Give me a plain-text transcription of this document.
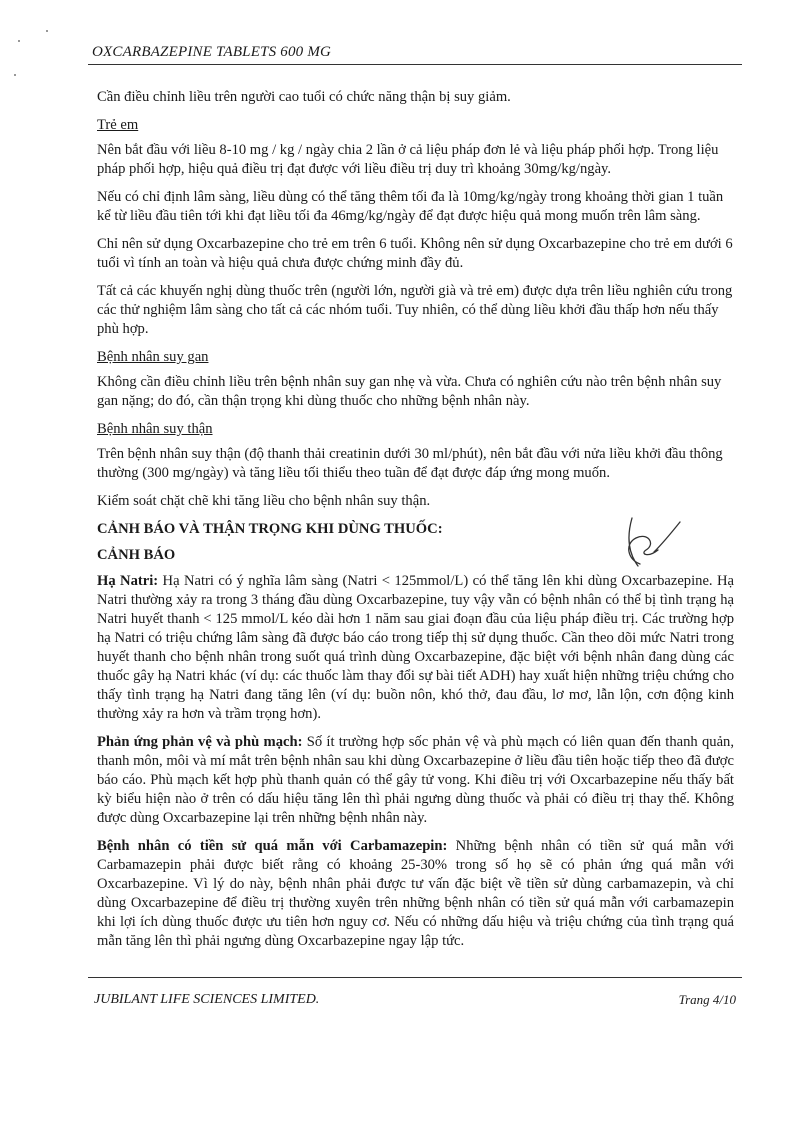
OXCARBAZEPINE TABLETS 600 MG

Cần điều chỉnh liều trên người cao tuổi có chức năng thận bị suy giảm.

Trẻ em

Nên bắt đầu với liều 8-10 mg / kg / ngày chia 2 lần ở cả liệu pháp đơn lẻ và liệu pháp phối hợp. Trong liệu pháp phối hợp, hiệu quả điều trị đạt được với liều điều trị duy trì khoảng 30mg/kg/ngày.

Nếu có chỉ định lâm sàng, liều dùng có thể tăng thêm tối đa là 10mg/kg/ngày trong khoảng thời gian 1 tuần kể từ liều đầu tiên tới khi đạt liều tối đa 46mg/kg/ngày để đạt được hiệu quả mong muốn trên lâm sàng.

Chỉ nên sử dụng Oxcarbazepine cho trẻ em trên 6 tuổi. Không nên sử dụng Oxcarbazepine cho trẻ em dưới 6 tuổi vì tính an toàn và hiệu quả chưa được chứng minh đầy đủ.

Tất cả các khuyến nghị dùng thuốc trên (người lớn, người già và trẻ em) được dựa trên liều nghiên cứu trong các thử nghiệm lâm sàng cho tất cả các nhóm tuổi. Tuy nhiên, có thể dùng liều khởi đầu thấp hơn nếu thấy phù hợp.

Bệnh nhân suy gan

Không cần điều chỉnh liều trên bệnh nhân suy gan nhẹ và vừa. Chưa có nghiên cứu nào trên bệnh nhân suy gan nặng; do đó, cần thận trọng khi dùng thuốc cho những bệnh nhân này.

Bệnh nhân suy thận

Trên bệnh nhân suy thận (độ thanh thải creatinin dưới 30 ml/phút), nên bắt đầu với nửa liều khởi đầu thông thường (300 mg/ngày) và tăng liều tối thiểu theo tuần để đạt được đáp ứng mong muốn.

Kiểm soát chặt chẽ khi tăng liều cho bệnh nhân suy thận.

CẢNH BÁO VÀ THẬN TRỌNG KHI DÙNG THUỐC:

CẢNH BÁO

Hạ Natri: Hạ Natri có ý nghĩa lâm sàng (Natri < 125mmol/L) có thể tăng lên khi dùng Oxcarbazepine. Hạ Natri thường xảy ra trong 3 tháng đầu dùng Oxcarbazepine, tuy vậy vẫn có bệnh nhân có thể bị tình trạng hạ Natri huyết thanh < 125 mmol/L kéo dài hơn 1 năm sau giai đoạn đầu của liệu pháp điều trị. Các trường hợp hạ Natri có triệu chứng lâm sàng đã được báo cáo trong tiếp thị sử dụng thuốc. Cần theo dõi mức Natri trong huyết thanh cho bệnh nhân trong suốt quá trình dùng Oxcarbazepine, đặc biệt với bệnh nhân đang dùng các thuốc gây hạ Natri khác (ví dụ: các thuốc làm thay đổi sự bài tiết ADH) hay xuất hiện những triệu chứng cho thấy tình trạng hạ Natri đang tăng lên (ví dụ: buồn nôn, khó thở, đau đầu, lơ mơ, lẫn lộn, cơn động kinh thường xảy ra hơn và trầm trọng hơn).

Phản ứng phản vệ và phù mạch: Số ít trường hợp sốc phản vệ và phù mạch có liên quan đến thanh quản, thanh môn, môi và mí mắt trên bệnh nhân sau khi dùng Oxcarbazepine ở liều đầu tiên hoặc tiếp theo đã được báo cáo. Phù mạch kết hợp phù thanh quản có thể gây tử vong. Khi điều trị với Oxcarbazepine nếu thấy bất kỳ biểu hiện nào ở trên có dấu hiệu tăng lên thì phải ngưng dùng thuốc và phải có điều trị thay thế. Không được dùng Oxcarbazepine lại trên những bệnh nhân này.

Bệnh nhân có tiền sử quá mẫn với Carbamazepin: Những bệnh nhân có tiền sử quá mẫn với Carbamazepin phải được biết rằng có khoảng 25-30% trong số họ sẽ có phản ứng quá mẫn với Oxcarbazepine. Vì lý do này, bệnh nhân phải được tư vấn đặc biệt về tiền sử dùng carbamazepin, và chỉ dùng Oxcarbazepine để điều trị thường xuyên trên những bệnh nhân có tiền sử quá mẫn với carbamazepin khi lợi ích dùng thuốc được ưu tiên hơn nguy cơ. Nếu có những dấu hiệu và triệu chứng của tình trạng quá mẫn tăng lên thì phải ngưng dùng Oxcarbazepine ngay lập tức.

JUBILANT LIFE SCIENCES LIMITED.	Trang 4/10
